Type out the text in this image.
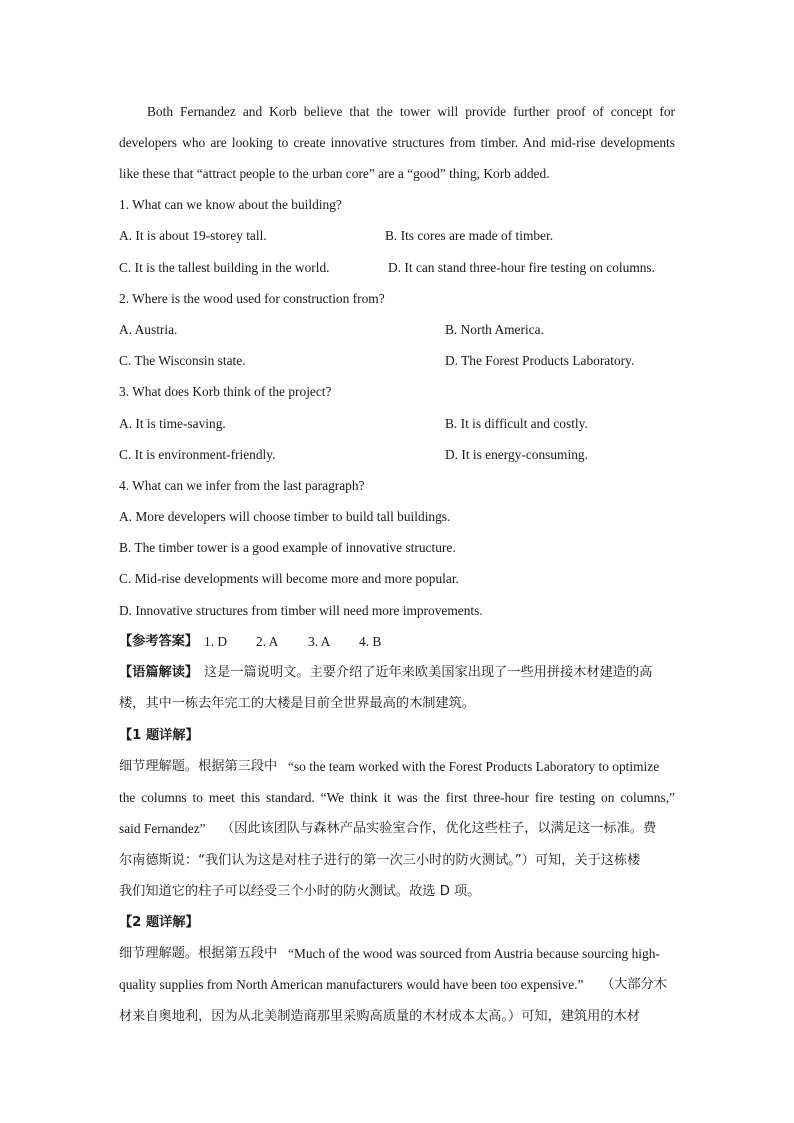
Both Fernandez and Korb believe that the tower will provide further proof of concept for
developers who are looking to create innovative structures from timber. And mid-rise developments
like these that “attract people to the urban core” are a “good” thing, Korb added.
1. What can we know about the building?
A. It is about 19-storey tall.	B. Its cores are made of timber.
C. It is the tallest building in the world.	D. It can stand three-hour fire testing on columns.
2. Where is the wood used for construction from?
A. Austria.	B. North America.
C. The Wisconsin state.	D. The Forest Products Laboratory.
3. What does Korb think of the project?
A. It is time-saving.	B. It is difficult and costly.
C. It is environment-friendly.	D. It is energy-consuming.
4. What can we infer from the last paragraph?
A. More developers will choose timber to build tall buildings.
B. The timber tower is a good example of innovative structure.
C. Mid-rise developments will become more and more popular.
D. Innovative structures from timber will need more improvements.
【参考答案】 1. D 2. A 3. A 4. B
【语篇解读】 这是一篇说明文。主要介绍了近年来欧美国家出现了一些用拼接木材建造的高
楼，其中一栋去年完工的大楼是目前全世界最高的木制建筑。
【1 题详解】
细节理解题。根据第三段中 “so the team worked with the Forest Products Laboratory to optimize
the columns to meet this standard. “We think it was the first three-hour fire testing on columns,”
said Fernandez” （因此该团队与森林产品实验室合作，优化这些柱子，以满足这一标准。费
尔南德斯说：“我们认为这是对柱子进行的第一次三小时的防火测试。”）可知，关于这栋楼
我们知道它的柱子可以经受三个小时的防火测试。故选 D 项。
【2 题详解】
细节理解题。根据第五段中 “Much of the wood was sourced from Austria because sourcing high-
quality supplies from North American manufacturers would have been too expensive.” （大部分木
材来自奥地利，因为从北美制造商那里采购高质量的木材成本太高。）可知，建筑用的木材
